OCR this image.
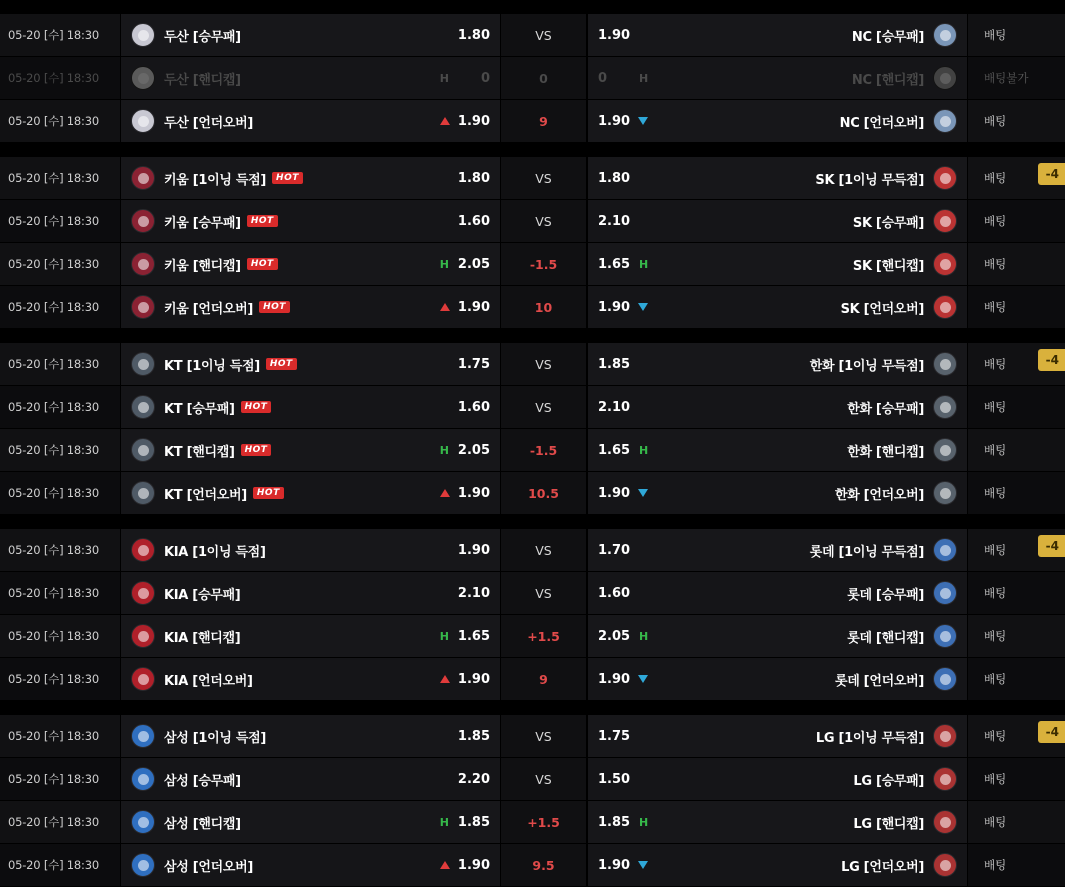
05-20 [수] 18:30	두산 [승무패]	1.80	VS	1.90	NC [승무패]	배팅
05-20 [수] 18:30	두산 [핸디캡]	H	0	0	0	H	NC [핸디캡]	배팅불가
05-20 [수] 18:30	두산 [언더오버]	1.90	9	1.90	NC [언더오버]	배팅
05-20 [수] 18:30	키움 [1이닝 득점]	HOT	1.80	VS	1.80	SK [1이닝 무득점]	배팅	-4
05-20 [수] 18:30	키움 [승무패]	HOT	1.60	VS	2.10	SK [승무패]	배팅
05-20 [수] 18:30	키움 [핸디캡]	HOT	H 2.05	-1.5	1.65 H	SK [핸디캡]	배팅
05-20 [수] 18:30	키움 [언더오버]	HOT	1.90	10	1.90	SK [언더오버]	배팅
05-20 [수] 18:30	KT [1이닝 득점]	HOT	1.75	VS	1.85	한화 [1이닝 무득점]	배팅	-4
05-20 [수] 18:30	KT [승무패]	HOT	1.60	VS	2.10	한화 [승무패]	배팅
05-20 [수] 18:30	KT [핸디캡]	HOT	H 2.05	-1.5	1.65 H	한화 [핸디캡]	배팅
05-20 [수] 18:30	KT [언더오버]	HOT	1.90	10.5	1.90	한화 [언더오버]	배팅
05-20 [수] 18:30	KIA [1이닝 득점]	1.90	VS	1.70	롯데 [1이닝 무득점]	배팅	-4
05-20 [수] 18:30	KIA [승무패]	2.10	VS	1.60	롯데 [승무패]	배팅
05-20 [수] 18:30	KIA [핸디캡]	H 1.65	+1.5	2.05 H	롯데 [핸디캡]	배팅
05-20 [수] 18:30	KIA [언더오버]	1.90	9	1.90	롯데 [언더오버]	배팅
05-20 [수] 18:30	삼성 [1이닝 득점]	1.85	VS	1.75	LG [1이닝 무득점]	배팅	-4
05-20 [수] 18:30	삼성 [승무패]	2.20	VS	1.50	LG [승무패]	배팅
05-20 [수] 18:30	삼성 [핸디캡]	H 1.85	+1.5	1.85 H	LG [핸디캡]	배팅
05-20 [수] 18:30	삼성 [언더오버]	1.90	9.5	1.90	LG [언더오버]	배팅
